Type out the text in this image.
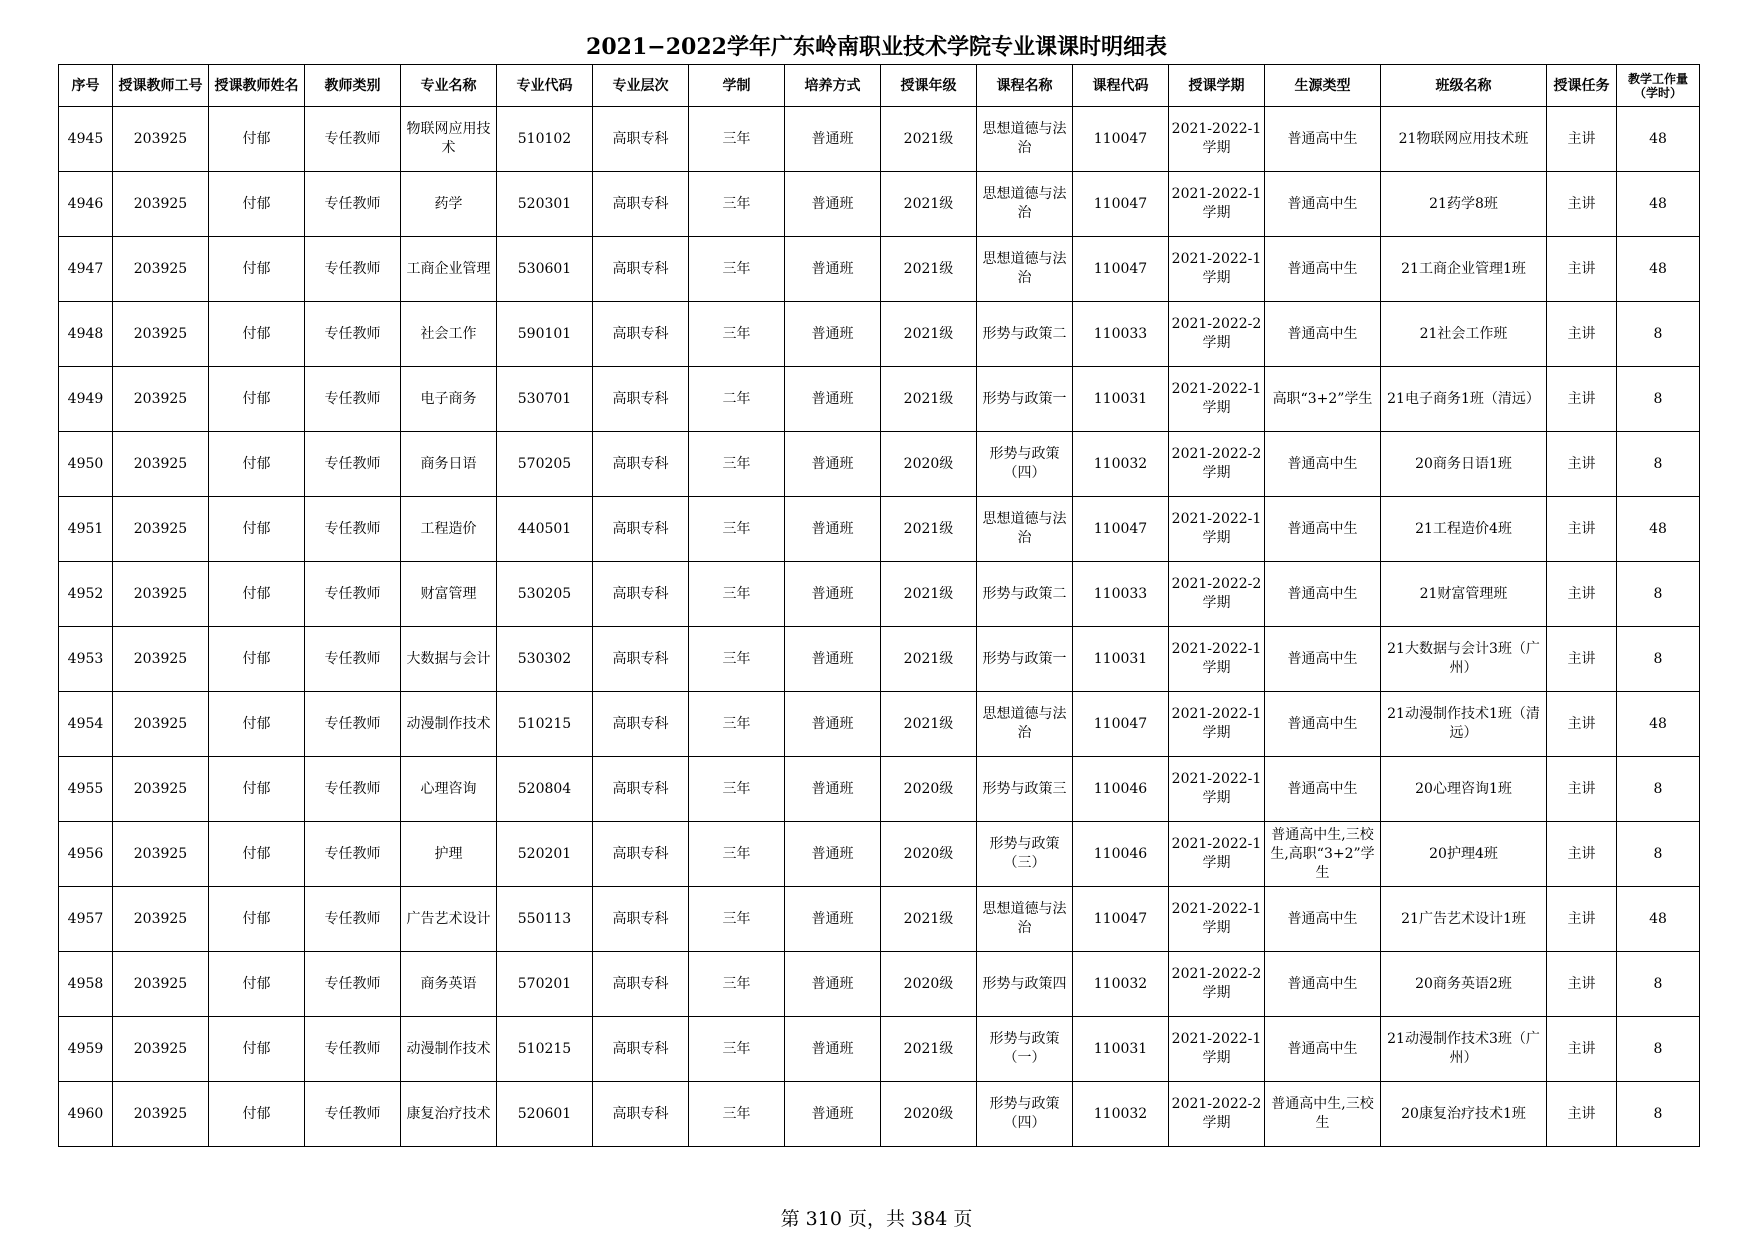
2021−2022学年广东岭南职业技术学院专业课课时明细表
序号	授课教师工号	授课教师姓名	教师类别	专业名称	专业代码	专业层次	学制	培养方式	授课年级	课程名称	课程代码	授课学期	生源类型	班级名称	授课任务	教学工作量（学时）
4945	203925	付郁	专任教师	物联网应用技术	510102	高职专科	三年	普通班	2021级	思想道德与法治	110047	2021-2022-1学期	普通高中生	21物联网应用技术班	主讲	48
4946	203925	付郁	专任教师	药学	520301	高职专科	三年	普通班	2021级	思想道德与法治	110047	2021-2022-1学期	普通高中生	21药学8班	主讲	48
4947	203925	付郁	专任教师	工商企业管理	530601	高职专科	三年	普通班	2021级	思想道德与法治	110047	2021-2022-1学期	普通高中生	21工商企业管理1班	主讲	48
4948	203925	付郁	专任教师	社会工作	590101	高职专科	三年	普通班	2021级	形势与政策二	110033	2021-2022-2学期	普通高中生	21社会工作班	主讲	8
4949	203925	付郁	专任教师	电子商务	530701	高职专科	二年	普通班	2021级	形势与政策一	110031	2021-2022-1学期	高职“3+2”学生	21电子商务1班（清远）	主讲	8
4950	203925	付郁	专任教师	商务日语	570205	高职专科	三年	普通班	2020级	形势与政策（四）	110032	2021-2022-2学期	普通高中生	20商务日语1班	主讲	8
4951	203925	付郁	专任教师	工程造价	440501	高职专科	三年	普通班	2021级	思想道德与法治	110047	2021-2022-1学期	普通高中生	21工程造价4班	主讲	48
4952	203925	付郁	专任教师	财富管理	530205	高职专科	三年	普通班	2021级	形势与政策二	110033	2021-2022-2学期	普通高中生	21财富管理班	主讲	8
4953	203925	付郁	专任教师	大数据与会计	530302	高职专科	三年	普通班	2021级	形势与政策一	110031	2021-2022-1学期	普通高中生	21大数据与会计3班（广州）	主讲	8
4954	203925	付郁	专任教师	动漫制作技术	510215	高职专科	三年	普通班	2021级	思想道德与法治	110047	2021-2022-1学期	普通高中生	21动漫制作技术1班（清远）	主讲	48
4955	203925	付郁	专任教师	心理咨询	520804	高职专科	三年	普通班	2020级	形势与政策三	110046	2021-2022-1学期	普通高中生	20心理咨询1班	主讲	8
4956	203925	付郁	专任教师	护理	520201	高职专科	三年	普通班	2020级	形势与政策（三）	110046	2021-2022-1学期	普通高中生,三校生,高职“3+2”学生	20护理4班	主讲	8
4957	203925	付郁	专任教师	广告艺术设计	550113	高职专科	三年	普通班	2021级	思想道德与法治	110047	2021-2022-1学期	普通高中生	21广告艺术设计1班	主讲	48
4958	203925	付郁	专任教师	商务英语	570201	高职专科	三年	普通班	2020级	形势与政策四	110032	2021-2022-2学期	普通高中生	20商务英语2班	主讲	8
4959	203925	付郁	专任教师	动漫制作技术	510215	高职专科	三年	普通班	2021级	形势与政策（一）	110031	2021-2022-1学期	普通高中生	21动漫制作技术3班（广州）	主讲	8
4960	203925	付郁	专任教师	康复治疗技术	520601	高职专科	三年	普通班	2020级	形势与政策（四）	110032	2021-2022-2学期	普通高中生,三校生	20康复治疗技术1班	主讲	8
第 310 页，共 384 页
